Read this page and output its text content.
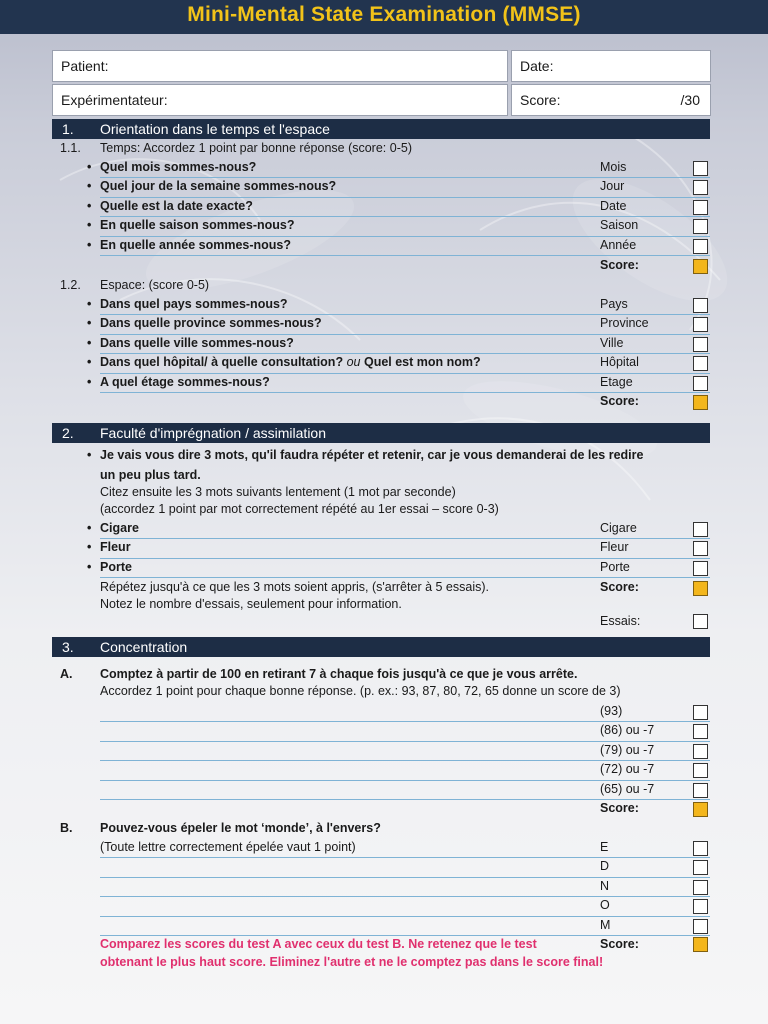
Mini-Mental State Examination (MMSE)
Patient:	Date:
Expérimentateur:	Score:	/30
1. Orientation dans le temps et l'espace
1.1. Temps: Accordez 1 point par bonne réponse (score: 0-5)
• Quel mois sommes-nous?	Mois
• Quel jour de la semaine sommes-nous?	Jour
• Quelle est la date exacte?	Date
• En quelle saison sommes-nous?	Saison
• En quelle année sommes-nous?	Année
Score:
• Dans quel pays sommes-nous?	Pays
• Dans quelle province sommes-nous?	Province
• Dans quelle ville sommes-nous?	Ville
• Dans quel hôpital/ à quelle consultation? ou Quel est mon nom?	Hôpital
• A quel étage sommes-nous?	Etage
Score:
1.2. Espace: (score 0-5)
2. Faculté d'imprégnation / assimilation
• Je vais vous dire 3 mots, qu'il faudra répéter et retenir, car je vous demanderai de les redire
un peu plus tard.
Citez ensuite les 3 mots suivants lentement (1 mot par seconde)
(accordez 1 point par mot correctement répété au 1er essai – score 0-3)
• Cigare	Cigare
• Fleur	Fleur
• Porte	Porte
Score:
Répétez jusqu'à ce que les 3 mots soient appris, (s'arrêter à 5 essais).
Notez le nombre d'essais, seulement pour information.
Essais:
3. Concentration
A. Comptez à partir de 100 en retirant 7 à chaque fois jusqu'à ce que je vous arrête.
Accordez 1 point pour chaque bonne réponse. (p. ex.: 93, 87, 80, 72, 65 donne un score de 3)
(93)
(86) ou -7
(79) ou -7
(72) ou -7
(65) ou -7
Score:
B. Pouvez-vous épeler le mot ‘monde’, à l'envers?
(Toute lettre correctement épelée vaut 1 point)	E
D
N
O
M
Comparez les scores du test A avec ceux du test B. Ne retenez que le test
obtenant le plus haut score. Eliminez l'autre et ne le comptez pas dans le score final!
Score:
